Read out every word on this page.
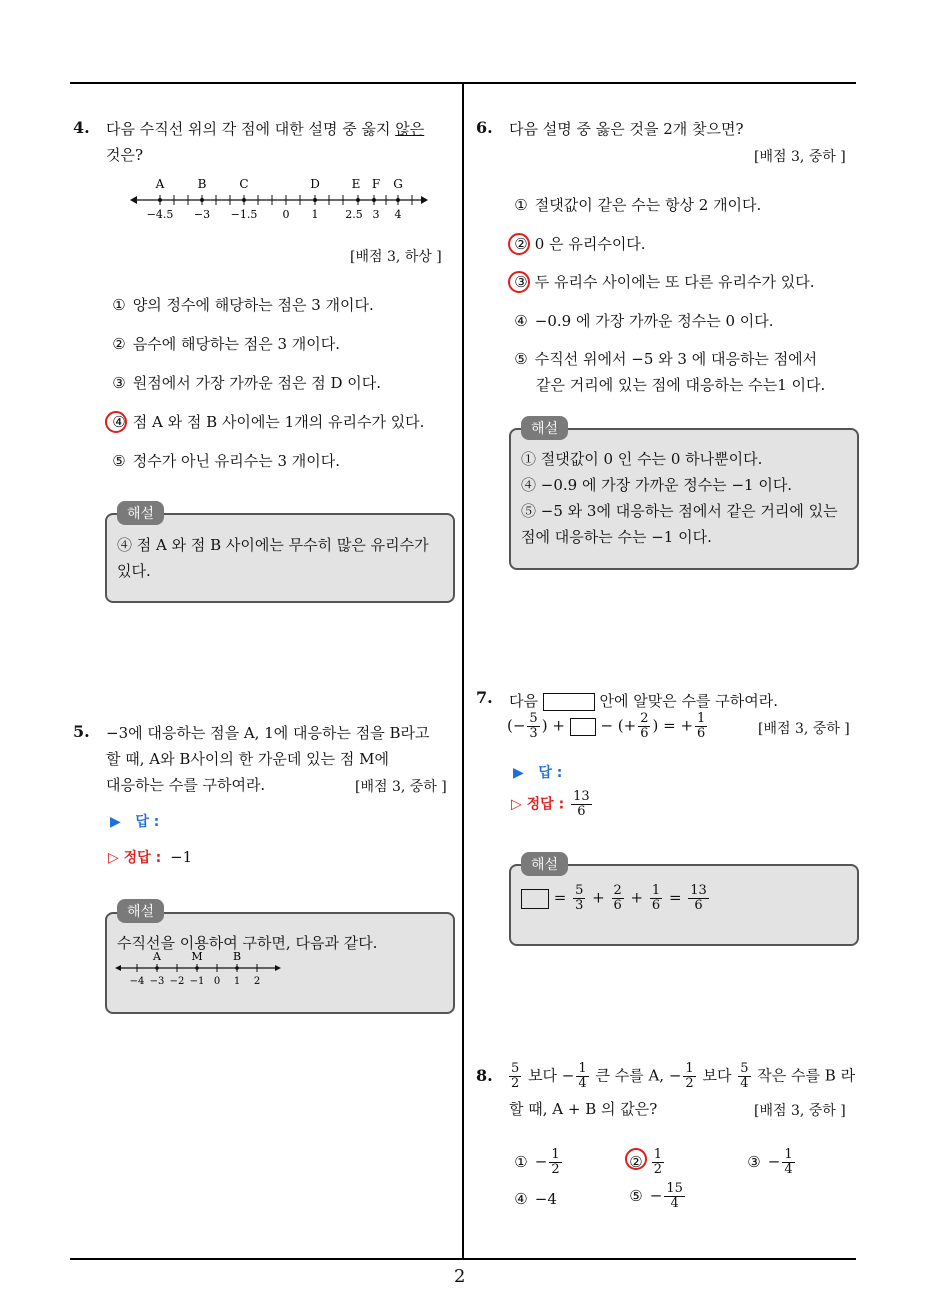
2
4. 다음 수직선 위의 각 점에 대한 설명 중 옳지 않은
것은?
−4.5 −3 −1.5 0 1 2.5 3 4
A	B	C	D	E F G
[배점 3, 하상 ]
① 양의 정수에 해당하는 점은 3 개이다.
② 음수에 해당하는 점은 3 개이다.
③ 원점에서 가장 가까운 점은 점 D 이다.
④ 점 A 와 점 B 사이에는 1개의 유리수가 있다.
⑤ 정수가 아닌 유리수는 3 개이다.
해설
④ 점 A 와 점 B 사이에는 무수히 많은 유리수가
있다.
5. −3에 대응하는 점을 A, 1에 대응하는 점을 B라고
할 때, A와 B사이의 한 가운데 있는 점 M에
대응하는 수를 구하여라.	[배점 3, 중하 ]
▶ 답 :
▷ 정답 : −1
해설
수직선을 이용하여 구하면, 다음과 같다.
−4 −3 −2 −1 0 1 2
A	M	B
6. 다음 설명 중 옳은 것을 2개 찾으면?
[배점 3, 중하 ]
① 절댓값이 같은 수는 항상 2 개이다.
② 0 은 유리수이다.
③ 두 유리수 사이에는 또 다른 유리수가 있다.
④ −0.9 에 가장 가까운 정수는 0 이다.
⑤ 수직선 위에서 −5 와 3 에 대응하는 점에서
같은 거리에 있는 점에 대응하는 수는1 이다.
해설
① 절댓값이 0 인 수는 0 하나뿐이다.
④ −0.9 에 가장 가까운 정수는 −1 이다.
⑤ −5 와 3에 대응하는 점에서 같은 거리에 있는
점에 대응하는 수는 −1 이다.
7. 다음	안에 알맞은 수를 구하여라.
(− $\frac{5}{3}$ ) +  − (+ $\frac{2}{6}$ ) = + $\frac{1}{6}$	[배점 3, 중하 ]
▶ 답 :
▷ 정답 : $\frac{13}{6}$
해설
= $\frac{5}{3} + \frac{2}{6} + \frac{1}{6} = \frac{13}{6}$
8. $\frac{5}{2}$ 보다 − $\frac{1}{4}$ 큰 수를 A, − $\frac{1}{2}$ 보다 $\frac{5}{4}$ 작은 수를 B 라
할 때, A + B 의 값은?	[배점 3, 중하 ]
① − $\frac{1}{2}$	② $\frac{1}{2}$	③ − $\frac{1}{4}$
④ −4	⑤ − $\frac{15}{4}$
